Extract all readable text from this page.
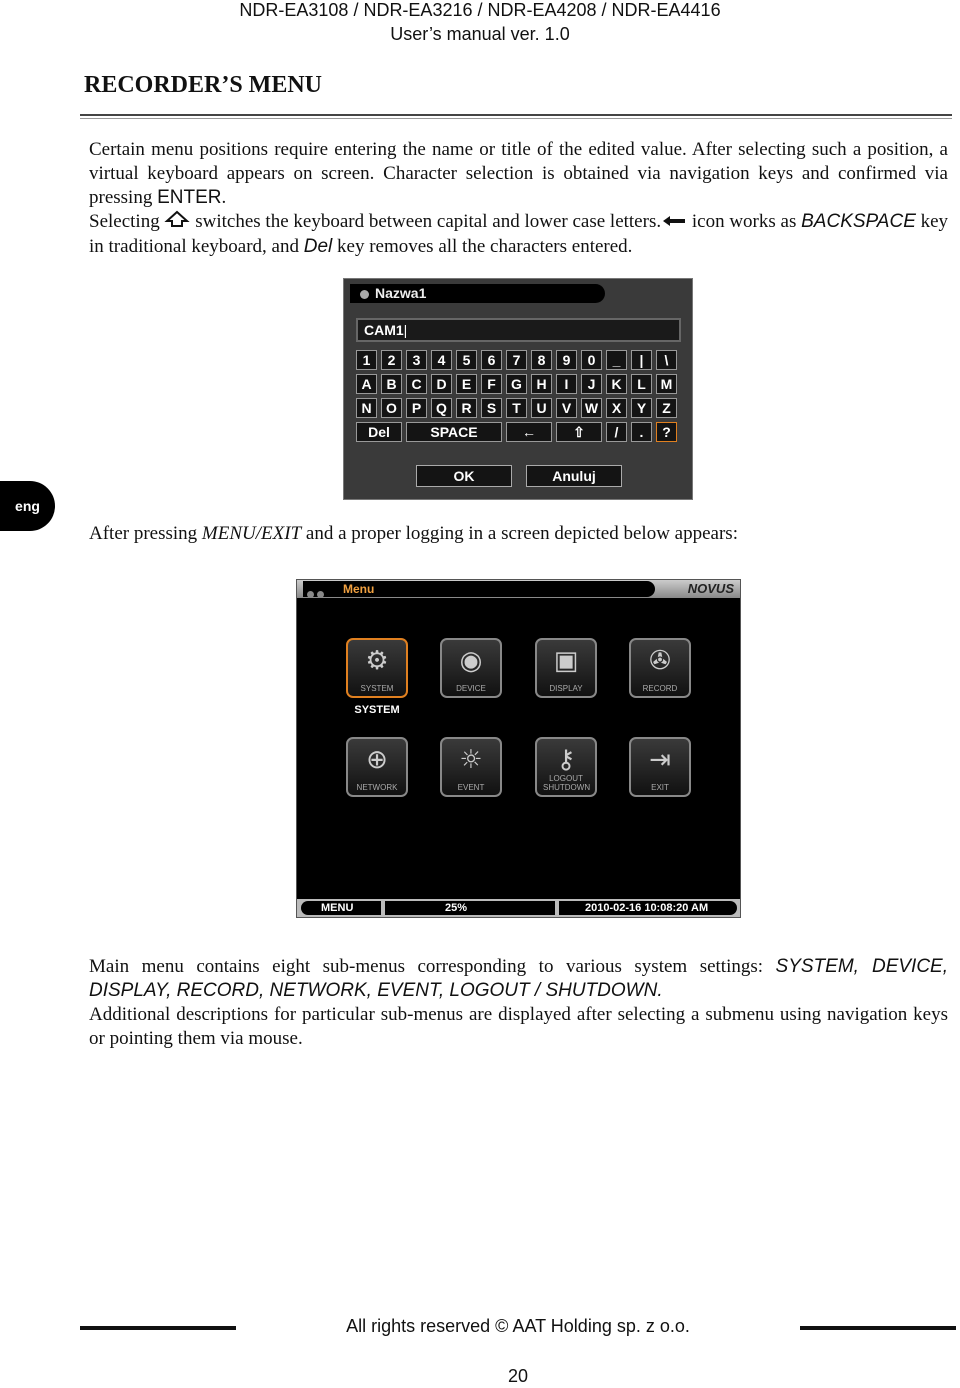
NDR-EA3108 / NDR-EA3216 / NDR-EA4208 / NDR-EA4416
User’s manual ver. 1.0
RECORDER’S MENU
Certain menu positions require entering the name or title of the edited value. After selecting such a position, a virtual keyboard appears on screen. Character selection is obtained via navigation keys and confirmed via pressing ENTER.
Selecting switches the keyboard between capital and lower case letters. icon works as BACKSPACE key in traditional keyboard, and Del key removes all the characters entered.
Nazwa1
CAM1|
1	2	3	4	5	6	7	8	9	0	_	|	\
A	B	C	D	E	F	G	H	I	J	K	L	M
N	O	P	Q	R	S	T	U	V W X	Y	Z
Del	SPACE	←	⇧	/	.	?
OK	Anuluj
eng
After pressing MENU/EXIT and a proper logging in a screen depicted below appears:
Menu	NOVUS
⚙
SYSTEM
◉
DEVICE
▣
DISPLAY
✇
RECORD
SYSTEM
⊕
NETWORK
☼
EVENT
⚷
LOGOUT SHUTDOWN
⇥
EXIT
MENU	25%	2010-02-16 10:08:20 AM
Main menu contains eight sub-menus corresponding to various system settings: SYSTEM, DEVICE, DISPLAY, RECORD, NETWORK, EVENT, LOGOUT / SHUTDOWN.
Additional descriptions for particular sub-menus are displayed after selecting a submenu using navigation keys or pointing them via mouse.
All rights reserved © AAT Holding sp. z o.o.
20
